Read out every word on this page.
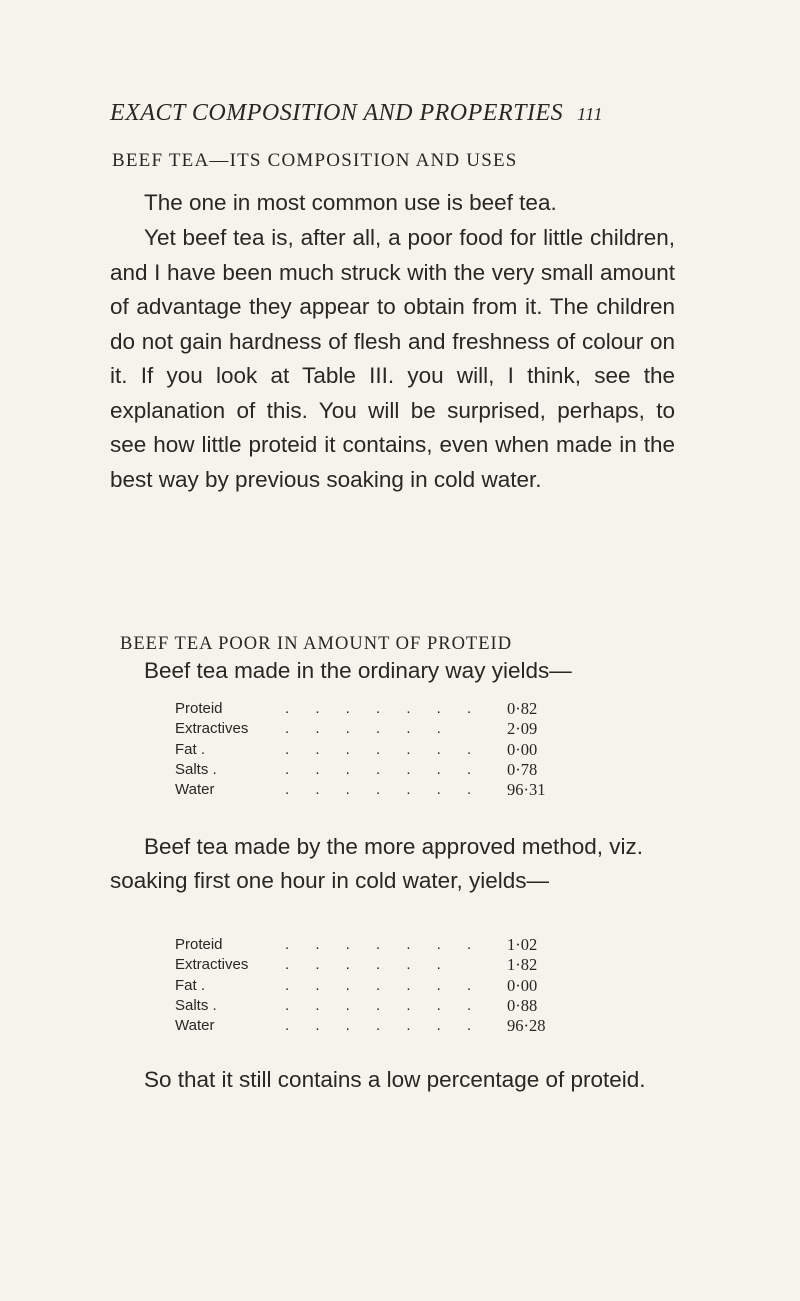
EXACT COMPOSITION AND PROPERTIES 111
BEEF TEA—ITS COMPOSITION AND USES

The one in most common use is beef tea.

Yet beef tea is, after all, a poor food for little children, and I have been much struck with the very small amount of advantage they appear to obtain from it. The children do not gain hardness of flesh and freshness of colour on it. If you look at Table III. you will, I think, see the explanation of this. You will be surprised, perhaps, to see how little proteid it contains, even when made in the best way by previous soaking in cold water.

BEEF TEA POOR IN AMOUNT OF PROTEID
Beef tea made in the ordinary way yields—
Proteid	. . . . . . .	0·82
Extractives	. . . . . .	2·09
Fat .	. . . . . . .	0·00
Salts .	. . . . . . .	0·78
Water	. . . . . . .	96·31
Beef tea made by the more approved method, viz. soaking first one hour in cold water, yields—
Proteid	. . . . . . .	1·02
Extractives	. . . . . .	1·82
Fat .	. . . . . . .	0·00
Salts .	. . . . . . .	0·88
Water	. . . . . . .	96·28
So that it still contains a low percentage of proteid.
